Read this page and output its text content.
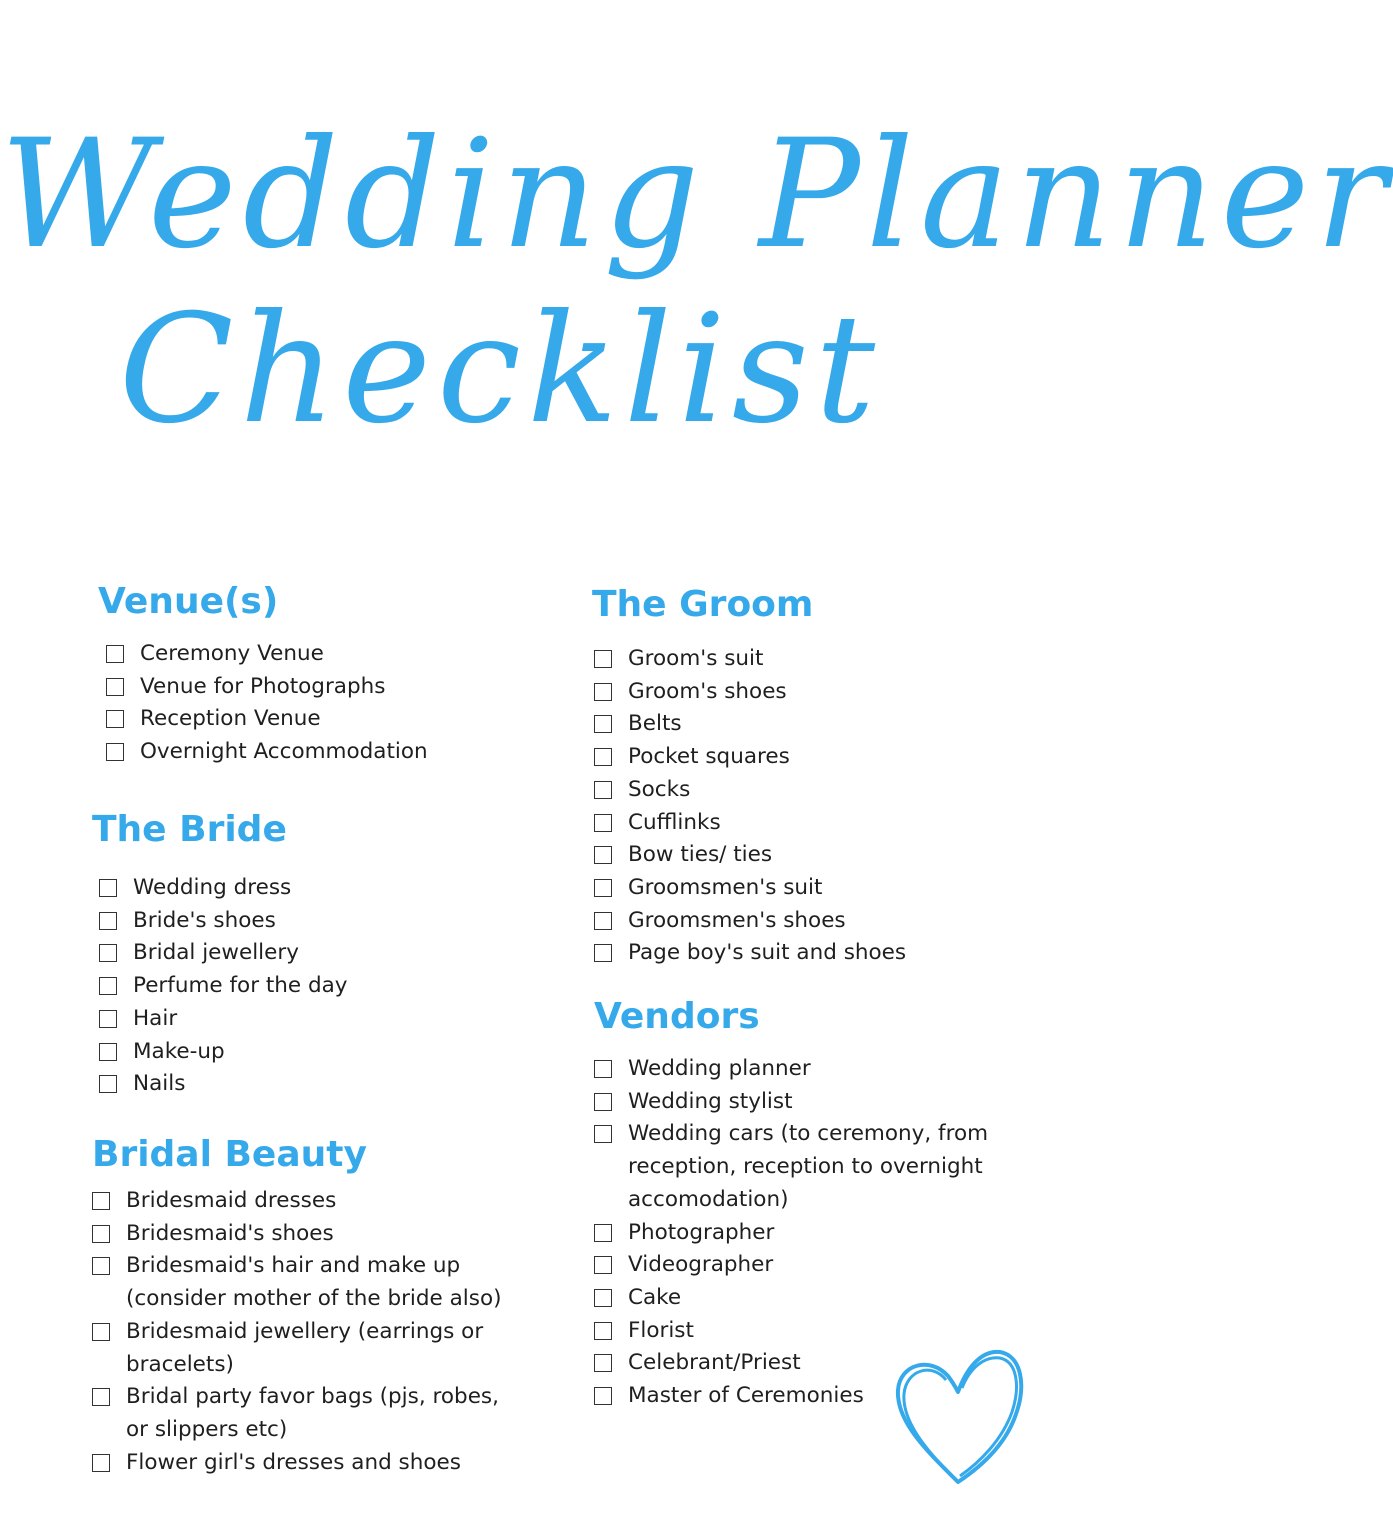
Wedding Planner
Checklist
Venue(s)
Ceremony Venue
Venue for Photographs
Reception Venue
Overnight Accommodation
The Bride
Wedding dress
Bride's shoes
Bridal jewellery
Perfume for the day
Hair
Make-up
Nails
Bridal Beauty
Bridesmaid dresses
Bridesmaid's shoes
Bridesmaid's hair and make up (consider mother of the bride also)
Bridesmaid jewellery (earrings or bracelets)
Bridal party favor bags (pjs, robes, or slippers etc)
Flower girl's dresses and shoes
The Groom
Groom's suit
Groom's shoes
Belts
Pocket squares
Socks
Cufflinks
Bow ties/ ties
Groomsmen's suit
Groomsmen's shoes
Page boy's suit and shoes
Vendors
Wedding planner
Wedding stylist
Wedding cars (to ceremony, from reception, reception to overnight accomodation)
Photographer
Videographer
Cake
Florist
Celebrant/Priest
Master of Ceremonies
